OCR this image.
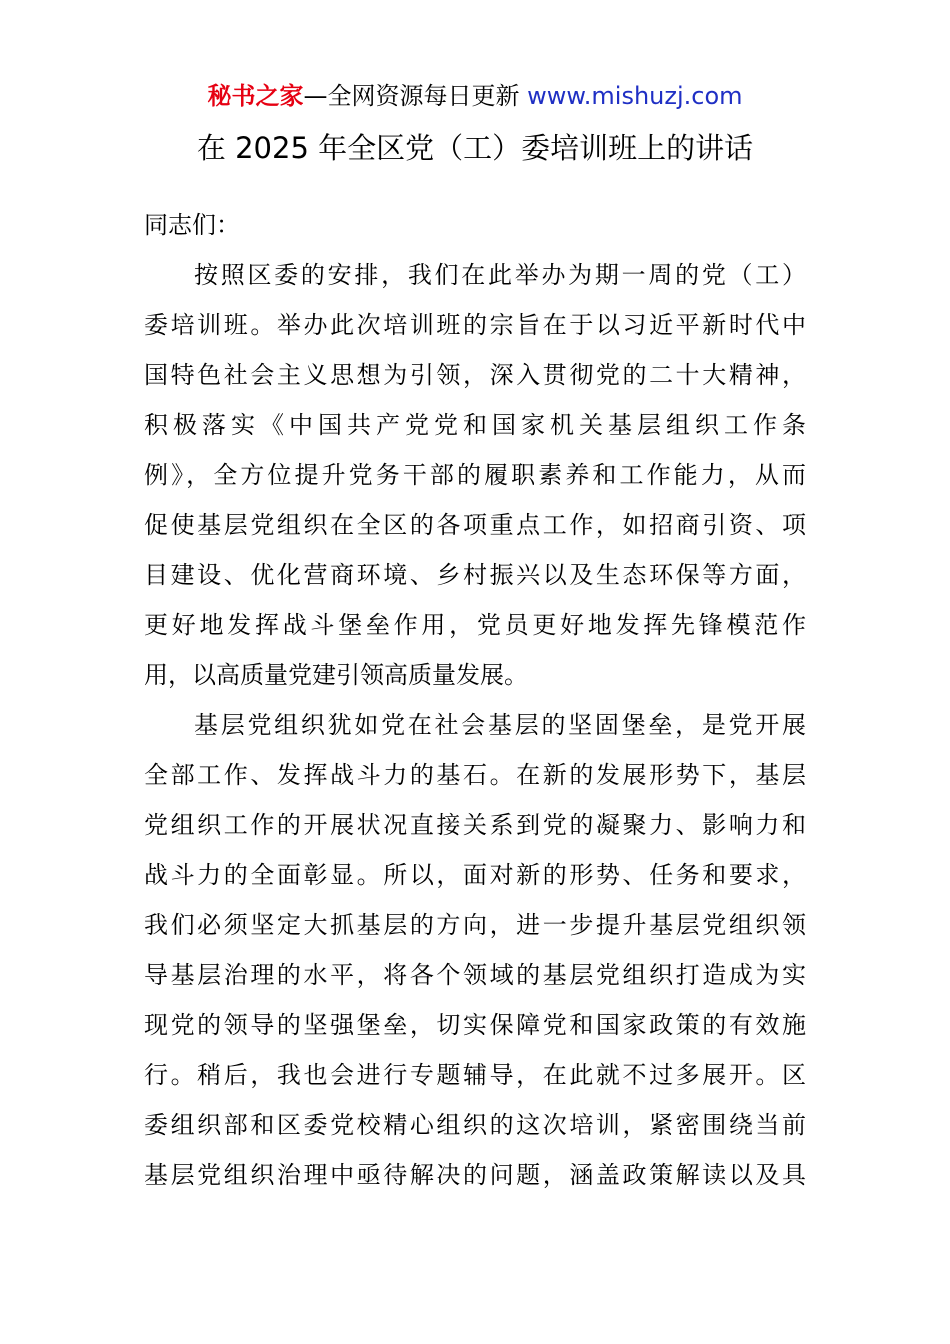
秘书之家—全网资源每日更新 www.mishuzj.com
在 2025 年全区党（工）委培训班上的讲话
同志们：
按照区委的安排，我们在此举办为期一周的党（工）
委培训班。举办此次培训班的宗旨在于以习近平新时代中
国特色社会主义思想为引领，深入贯彻党的二十大精神，
积极落实《中国共产党党和国家机关基层组织工作条
例》，全方位提升党务干部的履职素养和工作能力，从而
促使基层党组织在全区的各项重点工作，如招商引资、项
目建设、优化营商环境、乡村振兴以及生态环保等方面，
更好地发挥战斗堡垒作用，党员更好地发挥先锋模范作
用，以高质量党建引领高质量发展。
基层党组织犹如党在社会基层的坚固堡垒，是党开展
全部工作、发挥战斗力的基石。在新的发展形势下，基层
党组织工作的开展状况直接关系到党的凝聚力、影响力和
战斗力的全面彰显。所以，面对新的形势、任务和要求，
我们必须坚定大抓基层的方向，进一步提升基层党组织领
导基层治理的水平，将各个领域的基层党组织打造成为实
现党的领导的坚强堡垒，切实保障党和国家政策的有效施
行。稍后，我也会进行专题辅导，在此就不过多展开。区
委组织部和区委党校精心组织的这次培训，紧密围绕当前
基层党组织治理中亟待解决的问题，涵盖政策解读以及具
